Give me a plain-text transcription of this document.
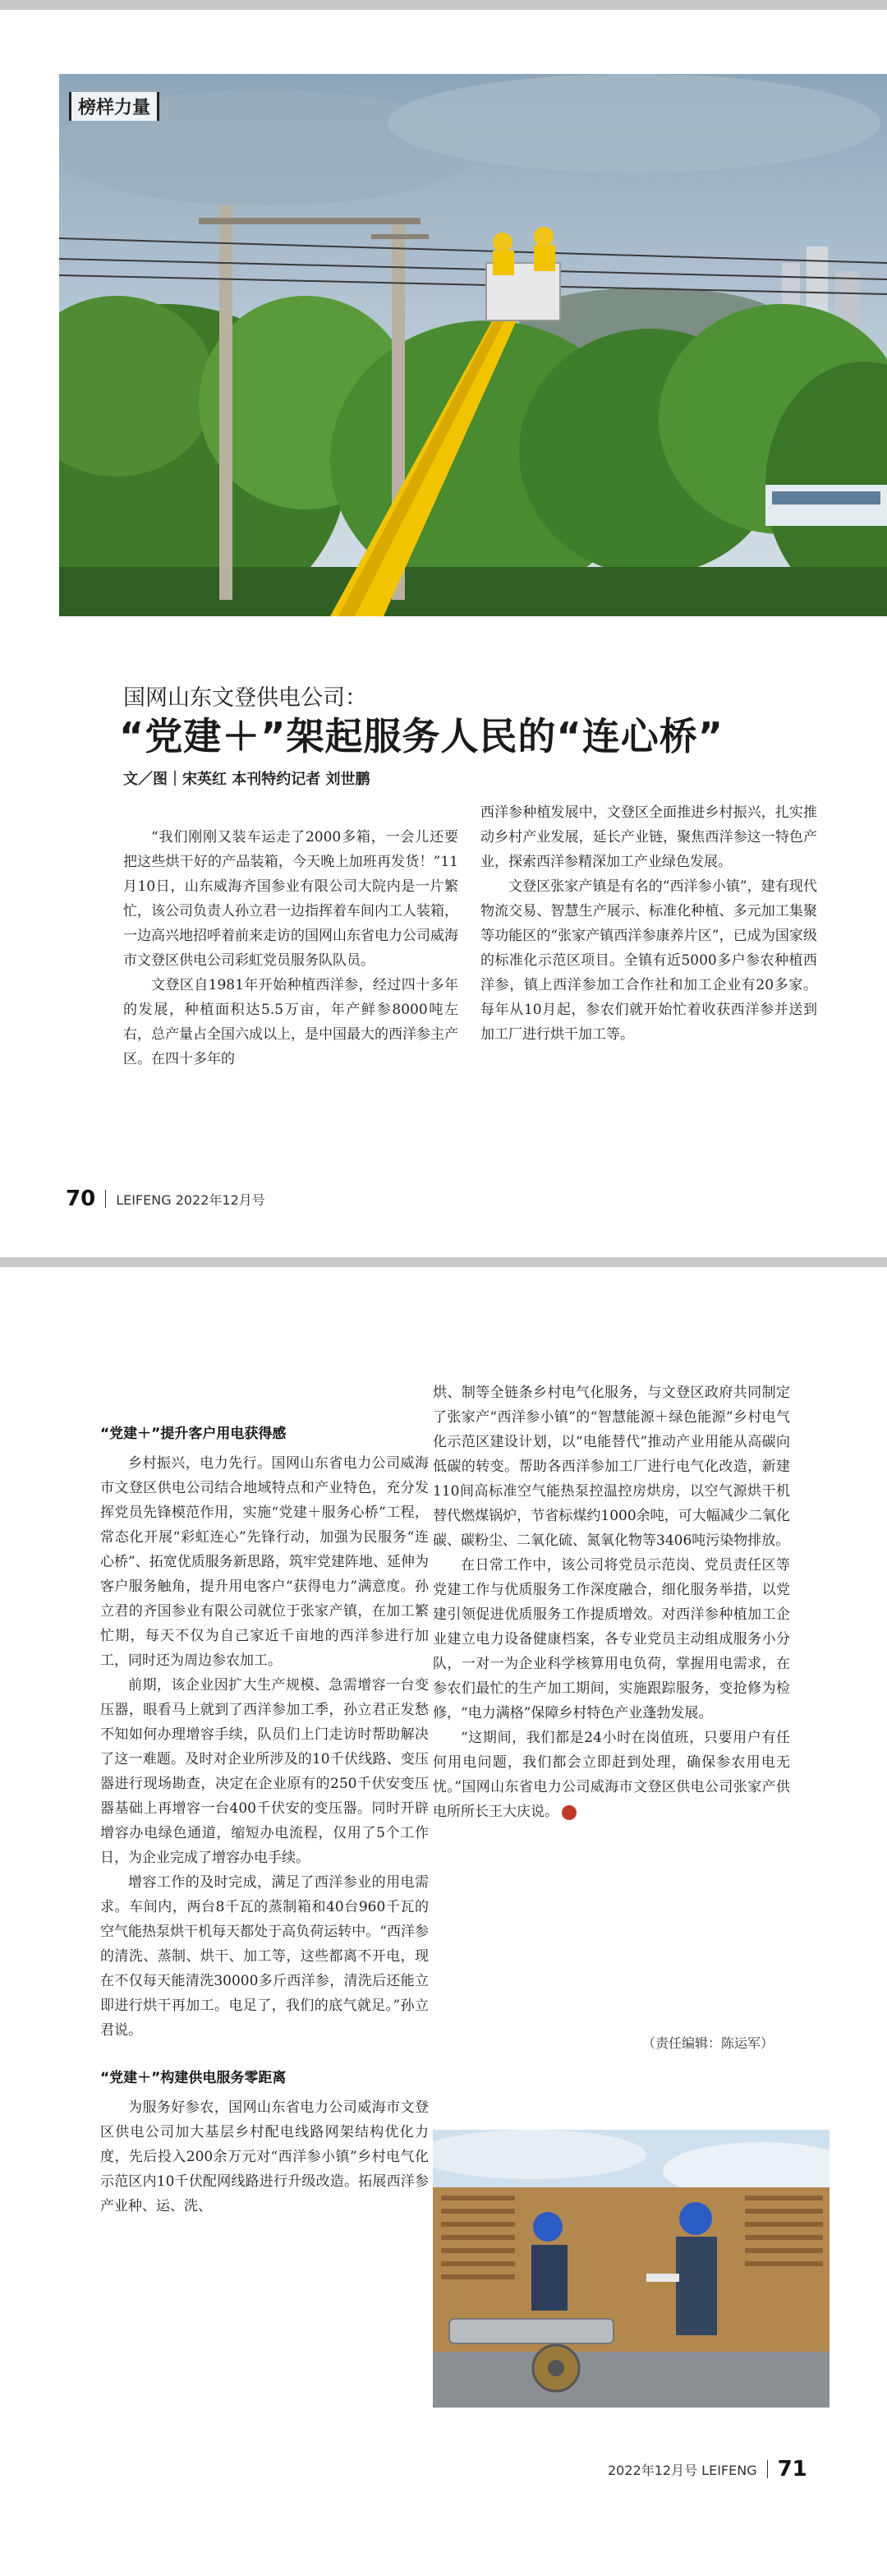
榜样力量
国网山东文登供电公司：
“党建＋”架起服务人民的“连心桥”
文／图｜宋英红 本刊特约记者 刘世鹏

“我们刚刚又装车运走了2000多箱，一会儿还要把这些烘干好的产品装箱，今天晚上加班再发货！”11月10日，山东威海齐国参业有限公司大院内是一片繁忙，该公司负责人孙立君一边指挥着车间内工人装箱，一边高兴地招呼着前来走访的国网山东省电力公司威海市文登区供电公司彩虹党员服务队队员。

文登区自1981年开始种植西洋参，经过四十多年的发展，种植面积达5.5万亩，年产鲜参8000吨左右，总产量占全国六成以上，是中国最大的西洋参主产区。在四十多年的

西洋参种植发展中，文登区全面推进乡村振兴，扎实推动乡村产业发展，延长产业链，聚焦西洋参这一特色产业，探索西洋参精深加工产业绿色发展。

文登区张家产镇是有名的“西洋参小镇”，建有现代物流交易、智慧生产展示、标准化种植、多元加工集聚等功能区的“张家产镇西洋参康养片区”，已成为国家级的标准化示范区项目。全镇有近5000多户参农种植西洋参，镇上西洋参加工合作社和加工企业有20多家。每年从10月起，参农们就开始忙着收获西洋参并送到加工厂进行烘干加工等。

70 LEIFENG 2022年12月号

“党建＋”提升客户用电获得感

乡村振兴，电力先行。国网山东省电力公司威海市文登区供电公司结合地域特点和产业特色，充分发挥党员先锋模范作用，实施“党建＋服务心桥”工程，常态化开展“彩虹连心”先锋行动，加强为民服务“连心桥”、拓宽优质服务新思路，筑牢党建阵地、延伸为客户服务触角，提升用电客户“获得电力”满意度。孙立君的齐国参业有限公司就位于张家产镇，在加工繁忙期，每天不仅为自己家近千亩地的西洋参进行加工，同时还为周边参农加工。

前期，该企业因扩大生产规模、急需增容一台变压器，眼看马上就到了西洋参加工季，孙立君正发愁不知如何办理增容手续，队员们上门走访时帮助解决了这一难题。及时对企业所涉及的10千伏线路、变压器进行现场勘查，决定在企业原有的250千伏安变压器基础上再增容一台400千伏安的变压器。同时开辟增容办电绿色通道，缩短办电流程，仅用了5个工作日，为企业完成了增容办电手续。

增容工作的及时完成，满足了西洋参业的用电需求。车间内，两台8千瓦的蒸制箱和40台960千瓦的空气能热泵烘干机每天都处于高负荷运转中。“西洋参的清洗、蒸制、烘干、加工等，这些都离不开电，现在不仅每天能清洗30000多斤西洋参，清洗后还能立即进行烘干再加工。电足了，我们的底气就足。”孙立君说。

“党建＋”构建供电服务零距离

为服务好参农，国网山东省电力公司威海市文登区供电公司加大基层乡村配电线路网架结构优化力度，先后投入200余万元对“西洋参小镇”乡村电气化示范区内10千伏配网线路进行升级改造。拓展西洋参产业种、运、洗、

烘、制等全链条乡村电气化服务，与文登区政府共同制定了张家产“西洋参小镇”的“智慧能源＋绿色能源”乡村电气化示范区建设计划，以“电能替代”推动产业用能从高碳向低碳的转变。帮助各西洋参加工厂进行电气化改造，新建110间高标准空气能热泵控温控房烘房，以空气源烘干机替代燃煤锅炉，节省标煤约1000余吨，可大幅减少二氧化碳、碳粉尘、二氧化硫、氮氧化物等3406吨污染物排放。

在日常工作中，该公司将党员示范岗、党员责任区等党建工作与优质服务工作深度融合，细化服务举措，以党建引领促进优质服务工作提质增效。对西洋参种植加工企业建立电力设备健康档案，各专业党员主动组成服务小分队，一对一为企业科学核算用电负荷，掌握用电需求，在参农们最忙的生产加工期间，实施跟踪服务，变抢修为检修，“电力满格”保障乡村特色产业蓬勃发展。

“这期间，我们都是24小时在岗值班，只要用户有任何用电问题，我们都会立即赶到处理，确保参农用电无忧。”国网山东省电力公司威海市文登区供电公司张家产供电所所长王大庆说。

（责任编辑：陈运军）
2022年12月号 LEIFENG 71
